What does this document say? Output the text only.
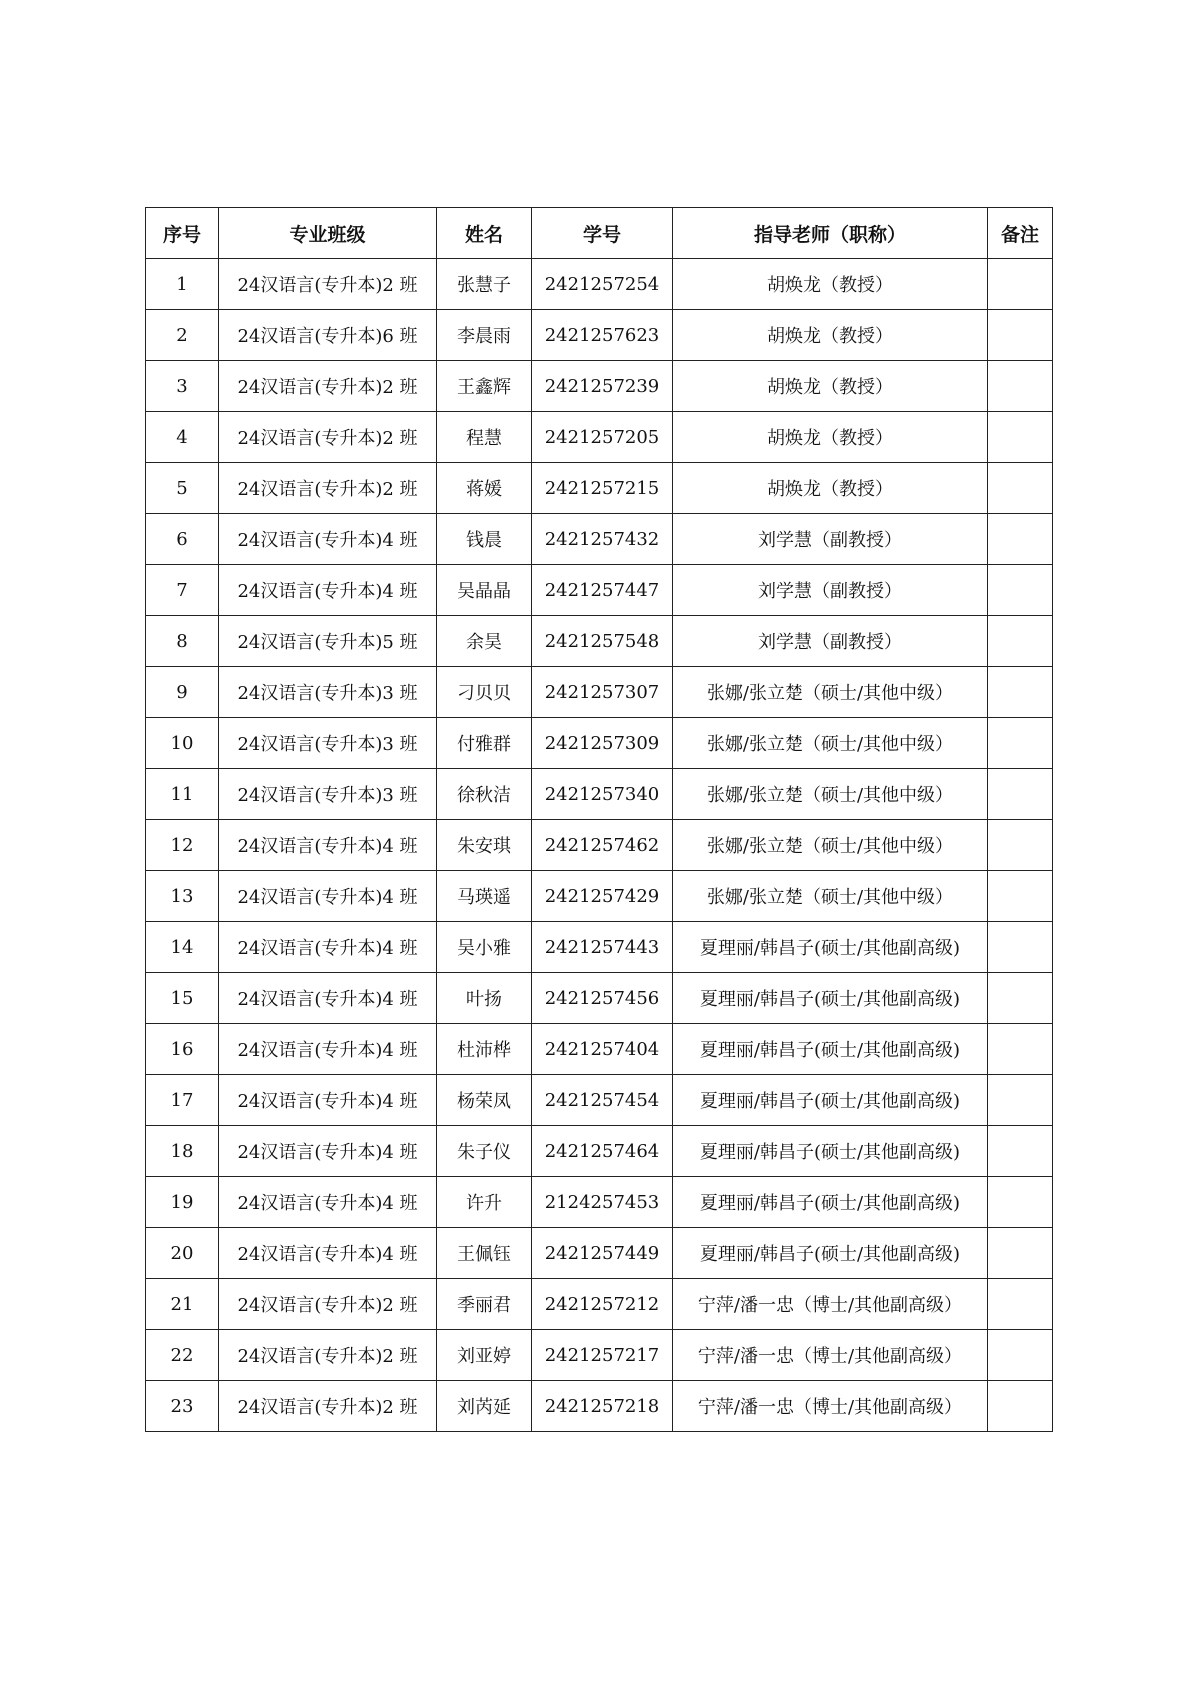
序号	专业班级	姓名	学号	指导老师（职称）	备注
1	24汉语言(专升本)2 班	张慧子	2421257254	胡焕龙（教授）	
2	24汉语言(专升本)6 班	李晨雨	2421257623	胡焕龙（教授）	
3	24汉语言(专升本)2 班	王鑫辉	2421257239	胡焕龙（教授）	
4	24汉语言(专升本)2 班	程慧	2421257205	胡焕龙（教授）	
5	24汉语言(专升本)2 班	蒋媛	2421257215	胡焕龙（教授）	
6	24汉语言(专升本)4 班	钱晨	2421257432	刘学慧（副教授）	
7	24汉语言(专升本)4 班	吴晶晶	2421257447	刘学慧（副教授）	
8	24汉语言(专升本)5 班	余昊	2421257548	刘学慧（副教授）	
9	24汉语言(专升本)3 班	刁贝贝	2421257307	张娜/张立楚（硕士/其他中级）	
10	24汉语言(专升本)3 班	付雅群	2421257309	张娜/张立楚（硕士/其他中级）	
11	24汉语言(专升本)3 班	徐秋洁	2421257340	张娜/张立楚（硕士/其他中级）	
12	24汉语言(专升本)4 班	朱安琪	2421257462	张娜/张立楚（硕士/其他中级）	
13	24汉语言(专升本)4 班	马瑛遥	2421257429	张娜/张立楚（硕士/其他中级）	
14	24汉语言(专升本)4 班	吴小雅	2421257443	夏理丽/韩昌子(硕士/其他副高级)	
15	24汉语言(专升本)4 班	叶扬	2421257456	夏理丽/韩昌子(硕士/其他副高级)	
16	24汉语言(专升本)4 班	杜沛桦	2421257404	夏理丽/韩昌子(硕士/其他副高级)	
17	24汉语言(专升本)4 班	杨荣凤	2421257454	夏理丽/韩昌子(硕士/其他副高级)	
18	24汉语言(专升本)4 班	朱子仪	2421257464	夏理丽/韩昌子(硕士/其他副高级)	
19	24汉语言(专升本)4 班	许升	2124257453	夏理丽/韩昌子(硕士/其他副高级)	
20	24汉语言(专升本)4 班	王佩钰	2421257449	夏理丽/韩昌子(硕士/其他副高级)	
21	24汉语言(专升本)2 班	季丽君	2421257212	宁萍/潘一忠（博士/其他副高级）	
22	24汉语言(专升本)2 班	刘亚婷	2421257217	宁萍/潘一忠（博士/其他副高级）	
23	24汉语言(专升本)2 班	刘芮延	2421257218	宁萍/潘一忠（博士/其他副高级）	
